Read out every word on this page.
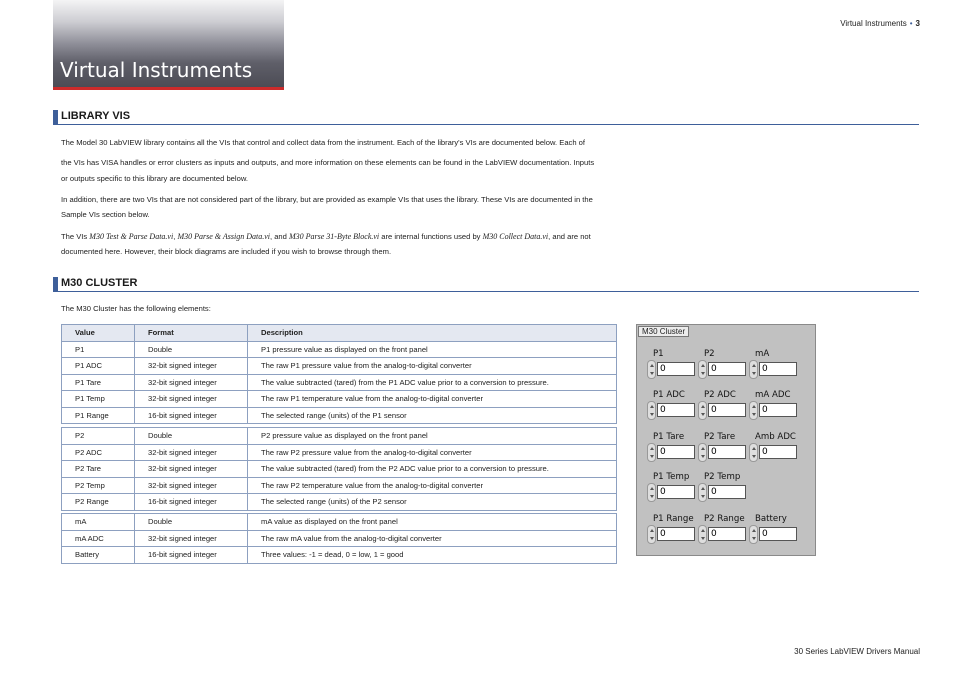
Virtual Instruments
Virtual Instruments • 3
LIBRARY VIS
The Model 30 LabVIEW library contains all the VIs that control and collect data from the instrument. Each of the library's VIs are documented below. Each of
the VIs has VISA handles or error clusters as inputs and outputs, and more information on these elements can be found in the LabVIEW documentation. Inputs
or outputs specific to this library are documented below.
In addition, there are two VIs that are not considered part of the library, but are provided as example VIs that uses the library. These VIs are documented in the
Sample VIs section below.
The VIs M30 Test & Parse Data.vi, M30 Parse & Assign Data.vi, and M30 Parse 31-Byte Block.vi are internal functions used by M30 Collect Data.vi, and are not
documented here. However, their block diagrams are included if you wish to browse through them.
M30 CLUSTER
The M30 Cluster has the following elements:
Value	Format	Description
P1	Double	P1 pressure value as displayed on the front panel
P1 ADC	32-bit signed integer	The raw P1 pressure value from the analog-to-digital converter
P1 Tare	32-bit signed integer	The value subtracted (tared) from the P1 ADC value prior to a conversion to pressure.
P1 Temp	32-bit signed integer	The raw P1 temperature value from the analog-to-digital converter
P1 Range	16-bit signed integer	The selected range (units) of the P1 sensor
P2	Double	P2 pressure value as displayed on the front panel
P2 ADC	32-bit signed integer	The raw P2 pressure value from the analog-to-digital converter
P2 Tare	32-bit signed integer	The value subtracted (tared) from the P2 ADC value prior to a conversion to pressure.
P2 Temp	32-bit signed integer	The raw P2 temperature value from the analog-to-digital converter
P2 Range	16-bit signed integer	The selected range (units) of the P2 sensor
mA	Double	mA value as displayed on the front panel
mA ADC	32-bit signed integer	The raw mA value from the analog-to-digital converter
Battery	16-bit signed integer	Three values: -1 = dead, 0 = low, 1 = good
M30 Cluster
P1
0
P2
0
mA
0
P1 ADC
0
P2 ADC
0
mA ADC
0
P1 Tare
0
P2 Tare
0
Amb ADC
0
P1 Temp
0
P2 Temp
0
P1 Range
0
P2 Range
0
Battery
0
30 Series LabVIEW Drivers Manual
